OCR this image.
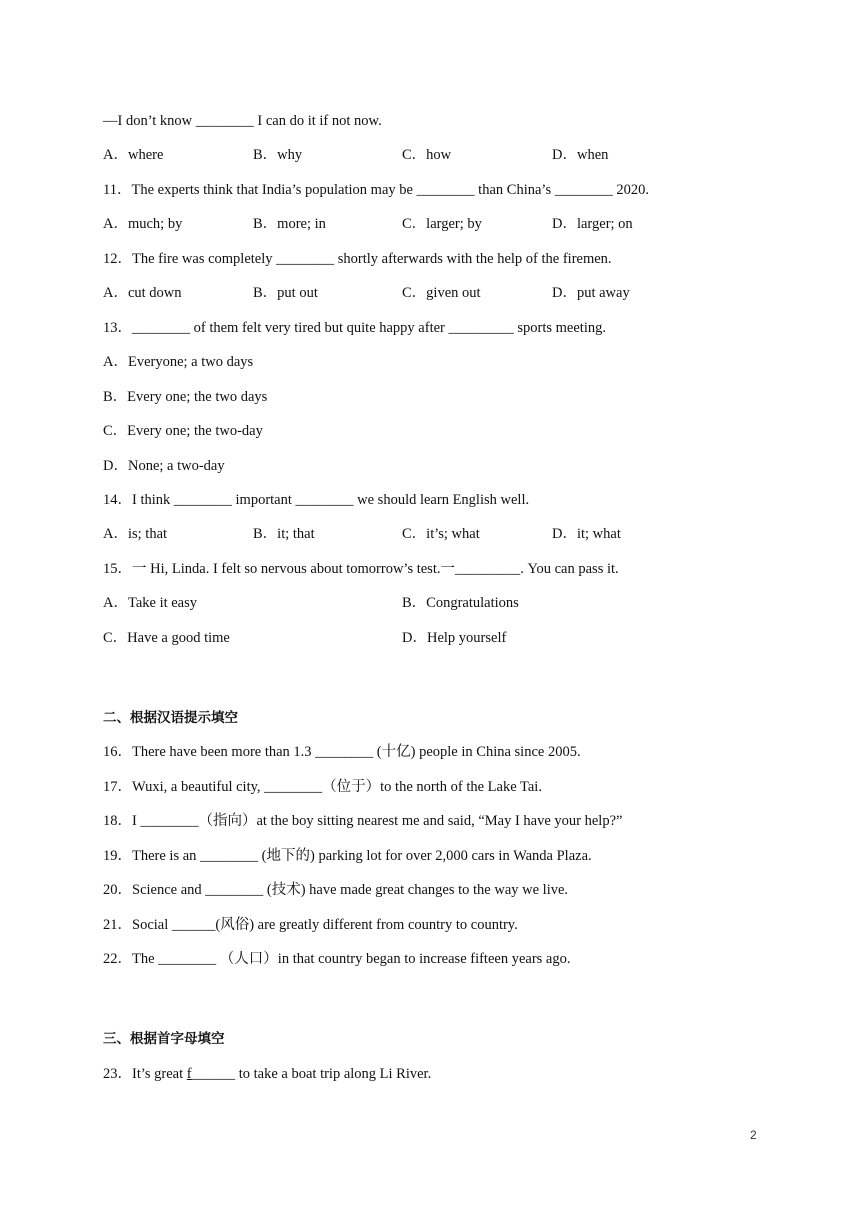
—I don’t know ________ I can do it if not now.
A．where	B．why	C．how	D．when
11．The experts think that India’s population may be ________ than China’s ________ 2020.
A．much; by	B．more; in	C．larger; by	D．larger; on
12．The fire was completely ________ shortly afterwards with the help of the firemen.
A．cut down	B．put out	C．given out	D．put away
13．________ of them felt very tired but quite happy after _________ sports meeting.
A．Everyone; a two days
B．Every one; the two days
C．Every one; the two-day
D．None; a two-day
14．I think ________ important ________ we should learn English well.
A．is; that	B．it; that	C．it’s; what	D．it; what
15．一 Hi, Linda. I felt so nervous about tomorrow’s test.一_________. You can pass it.
A．Take it easy	B．Congratulations
C．Have a good time	D．Help yourself
二、根据汉语提示填空
16．There have been more than 1.3 ________ (十亿) people in China since 2005.
17．Wuxi, a beautiful city, ________（位于）to the north of the Lake Tai.
18．I ________（指向）at the boy sitting nearest me and said, “May I have your help?”
19．There is an ________ (地下的) parking lot for over 2,000 cars in Wanda Plaza.
20．Science and ________ (技术) have made great changes to the way we live.
21．Social ______(风俗) are greatly different from country to country.
22．The ________ （人口）in that country began to increase fifteen years ago.
三、根据首字母填空
23．It’s great f______ to take a boat trip along Li River.
2
